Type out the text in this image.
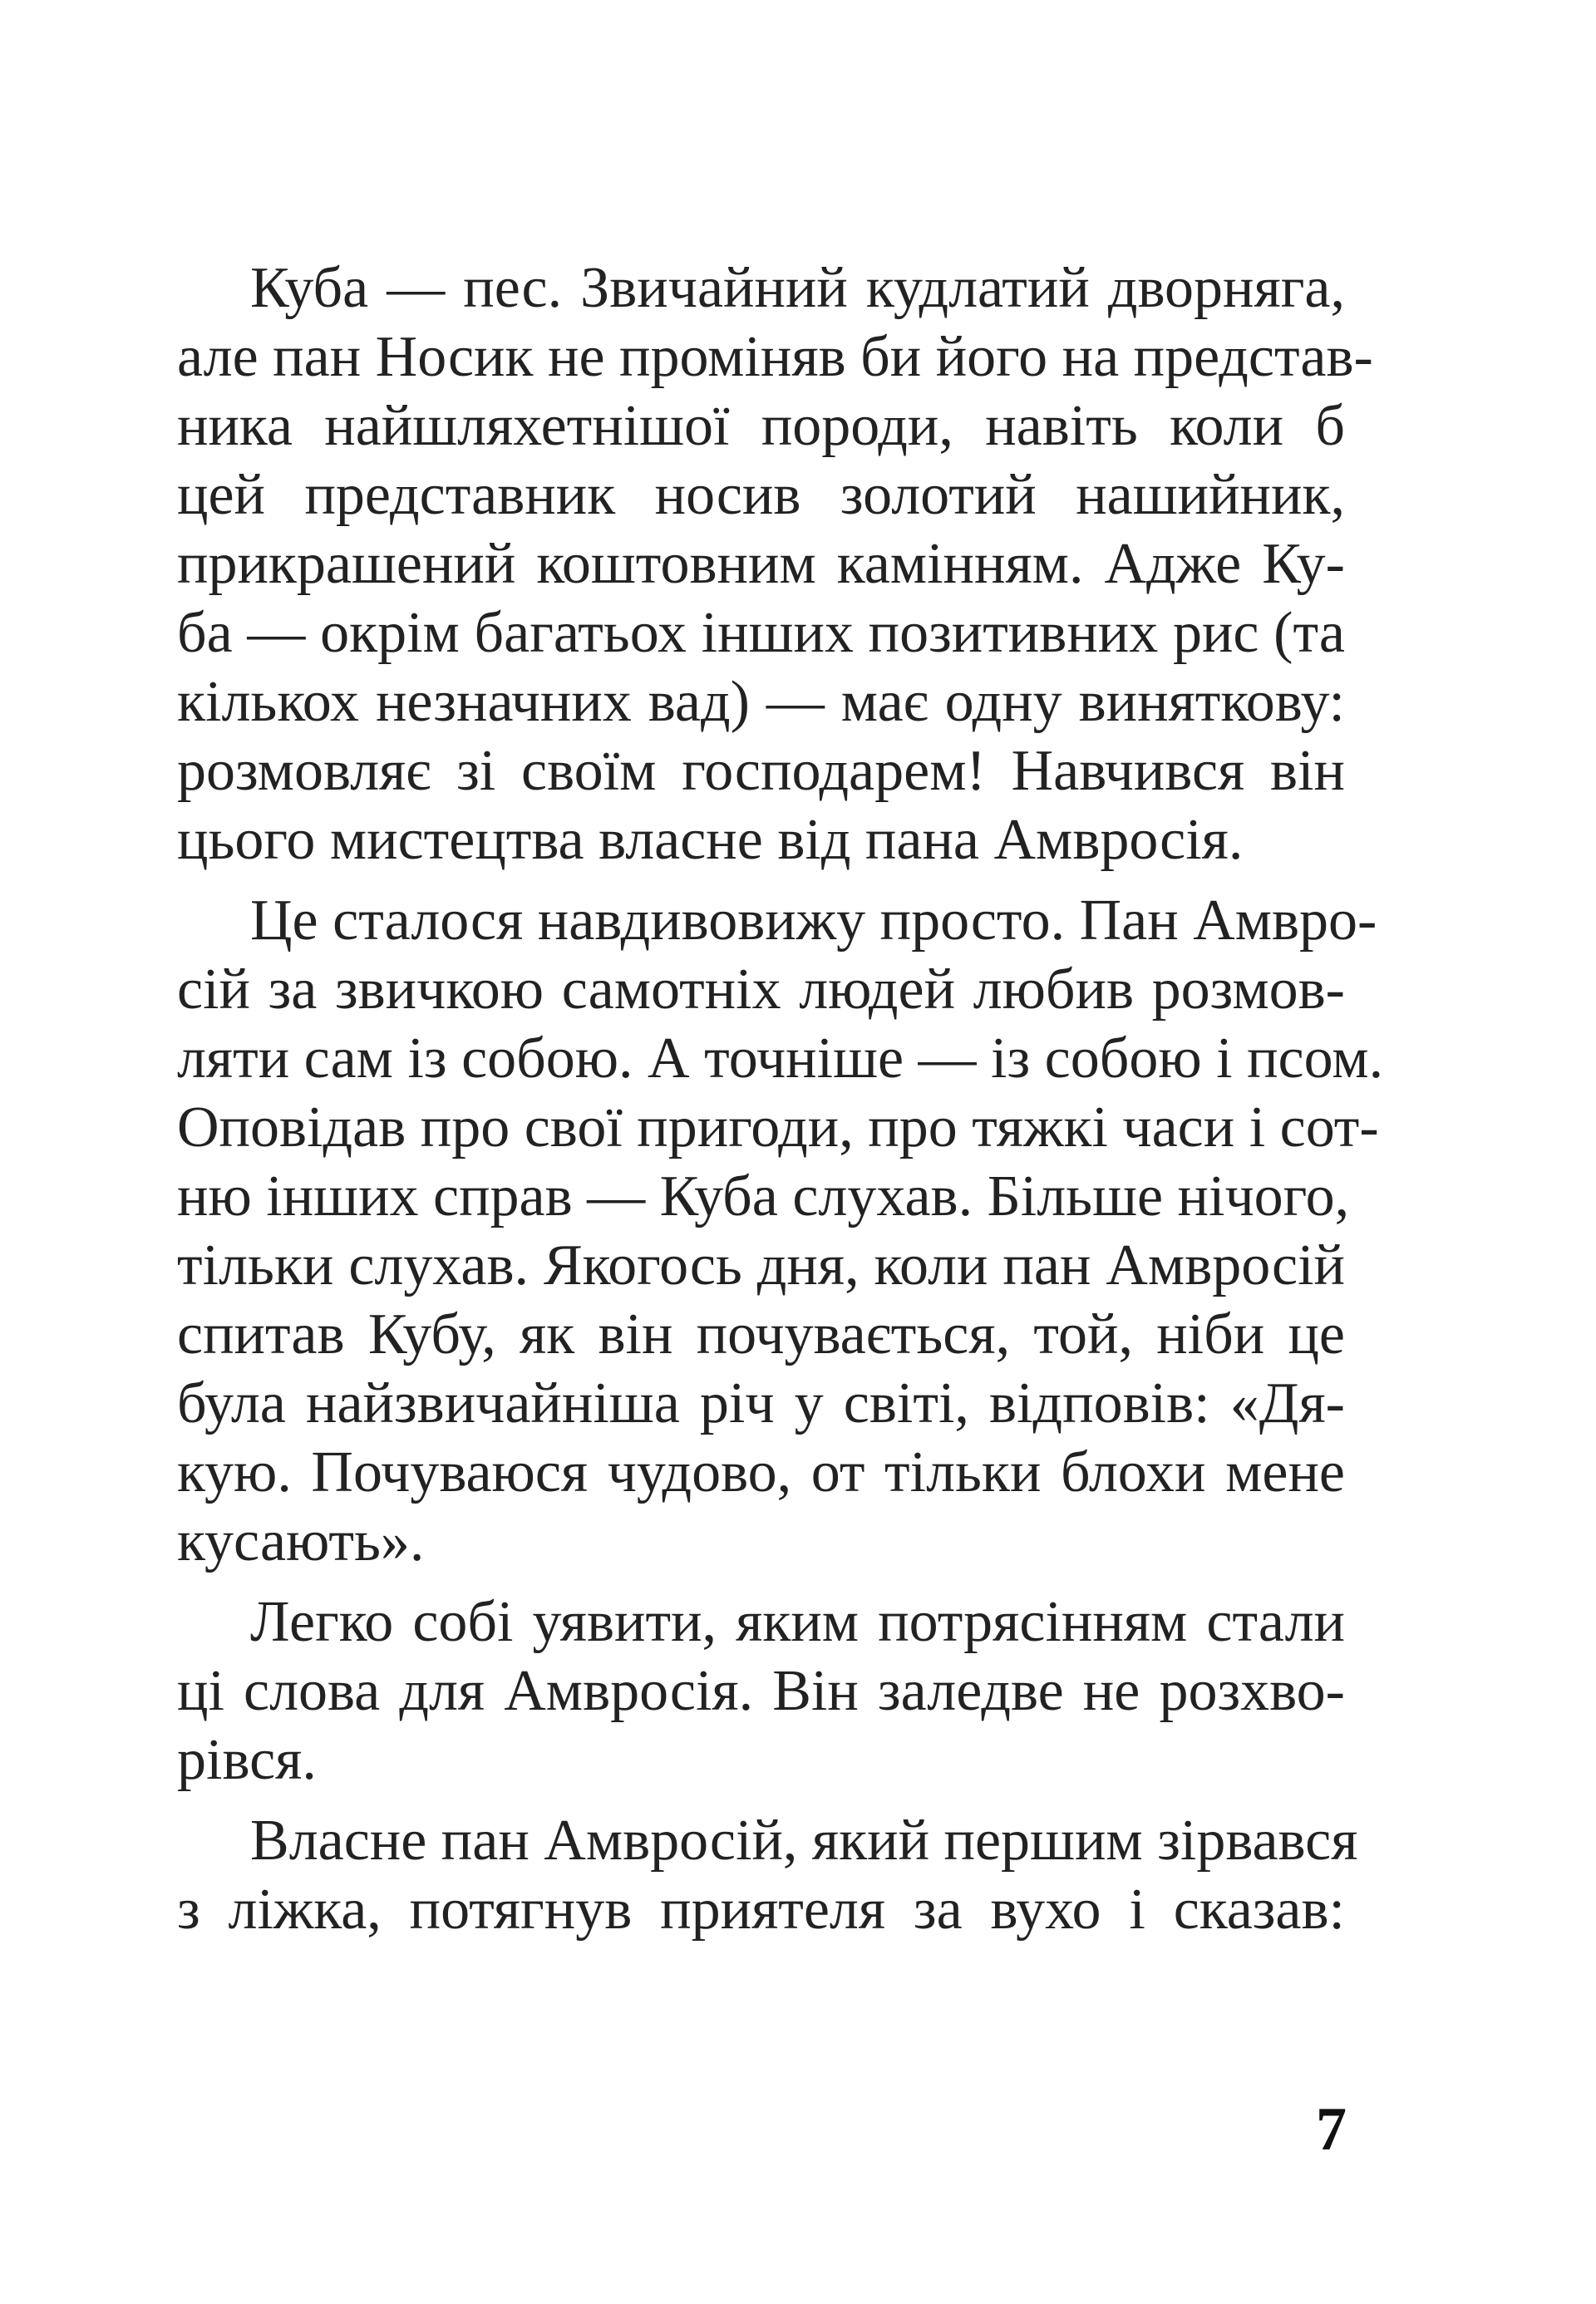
Куба — пес. Звичайний кудлатий дворняга,
але пан Носик не проміняв би його на представ-
ника найшляхетнішої породи, навіть коли б
цей представник носив золотий нашийник,
прикрашений коштовним камінням. Адже Ку-
ба — окрім багатьох інших позитивних рис (та
кількох незначних вад) — має одну виняткову:
розмовляє зі своїм господарем! Навчився він
цього мистецтва власне від пана Амвросія.
Це сталося навдивовижу просто. Пан Амвро-
сій за звичкою самотніх людей любив розмов-
ляти сам із собою. А точніше — із собою і псом.
Оповідав про свої пригоди, про тяжкі часи і сот-
ню інших справ — Куба слухав. Більше нічого,
тільки слухав. Якогось дня, коли пан Амвросій
спитав Кубу, як він почувається, той, ніби це
була найзвичайніша річ у світі, відповів: «Дя-
кую. Почуваюся чудово, от тільки блохи мене
кусають».
Легко собі уявити, яким потрясінням стали
ці слова для Амвросія. Він заледве не розхво-
рівся.
Власне пан Амвросій, який першим зірвався
з ліжка, потягнув приятеля за вухо і сказав:
7
